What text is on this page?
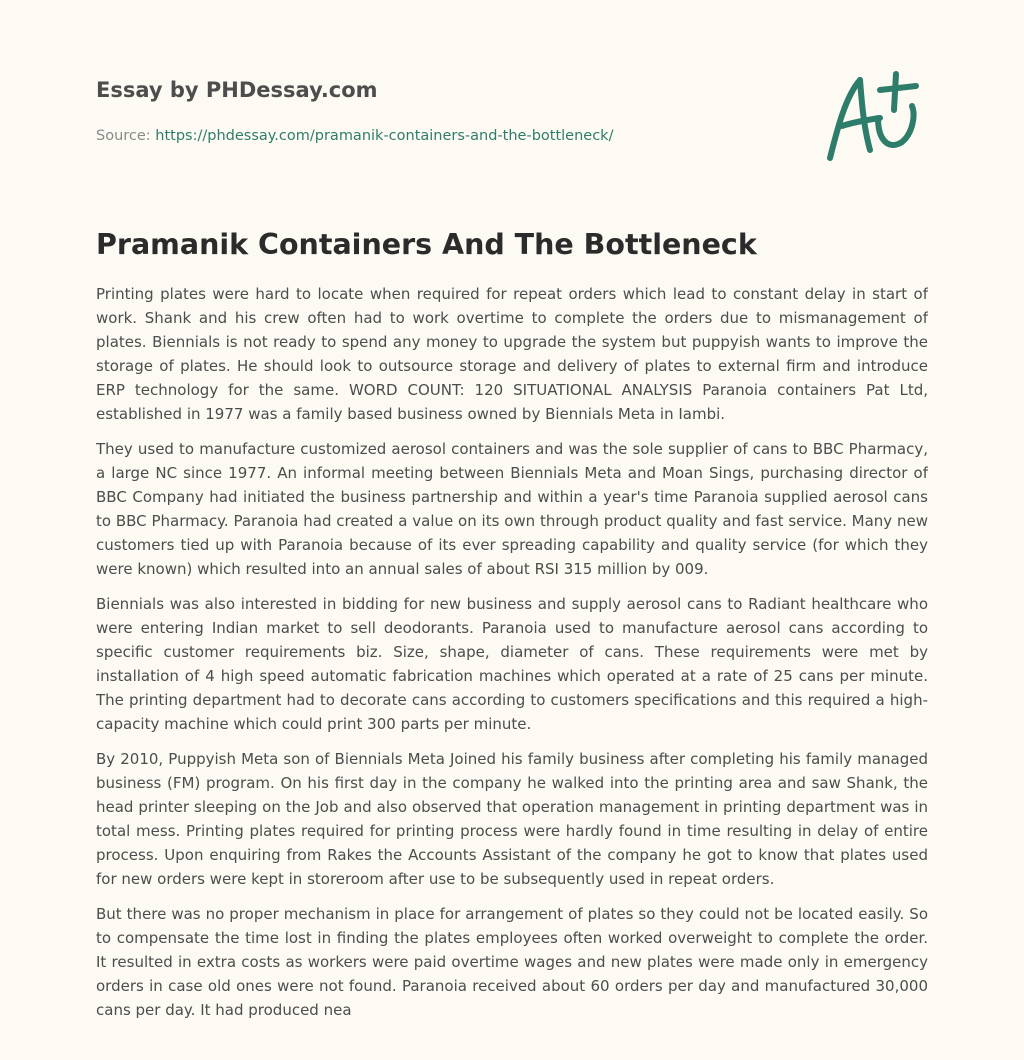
Essay by PHDessay.com
Source: https://phdessay.com/pramanik-containers-and-the-bottleneck/
Pramanik Containers And The Bottleneck

Printing plates were hard to locate when required for repeat orders which lead to constant delay in start of work. Shank and his crew often had to work overtime to complete the orders due to mismanagement of plates. Biennials is not ready to spend any money to upgrade the system but puppyish wants to improve the storage of plates. He should look to outsource storage and delivery of plates to external firm and introduce ERP technology for the same. WORD COUNT: 120 SITUATIONAL ANALYSIS Paranoia containers Pat Ltd, established in 1977 was a family based business owned by Biennials Meta in Iambi.

They used to manufacture customized aerosol containers and was the sole supplier of cans to BBC Pharmacy, a large NC since 1977. An informal meeting between Biennials Meta and Moan Sings, purchasing director of BBC Company had initiated the business partnership and within a year's time Paranoia supplied aerosol cans to BBC Pharmacy. Paranoia had created a value on its own through product quality and fast service. Many new customers tied up with Paranoia because of its ever spreading capability and quality service (for which they were known) which resulted into an annual sales of about RSI 315 million by 009.

Biennials was also interested in bidding for new business and supply aerosol cans to Radiant healthcare who were entering Indian market to sell deodorants. Paranoia used to manufacture aerosol cans according to specific customer requirements biz. Size, shape, diameter of cans. These requirements were met by installation of 4 high speed automatic fabrication machines which operated at a rate of 25 cans per minute. The printing department had to decorate cans according to customers specifications and this required a high-capacity machine which could print 300 parts per minute.

By 2010, Puppyish Meta son of Biennials Meta Joined his family business after completing his family managed business (FM) program. On his first day in the company he walked into the printing area and saw Shank, the head printer sleeping on the Job and also observed that operation management in printing department was in total mess. Printing plates required for printing process were hardly found in time resulting in delay of entire process. Upon enquiring from Rakes the Accounts Assistant of the company he got to know that plates used for new orders were kept in storeroom after use to be subsequently used in repeat orders.

But there was no proper mechanism in place for arrangement of plates so they could not be located easily. So to compensate the time lost in finding the plates employees often worked overweight to complete the order. It resulted in extra costs as workers were paid overtime wages and new plates were made only in emergency orders in case old ones were not found. Paranoia received about 60 orders per day and manufactured 30,000 cans per day. It had produced nea
